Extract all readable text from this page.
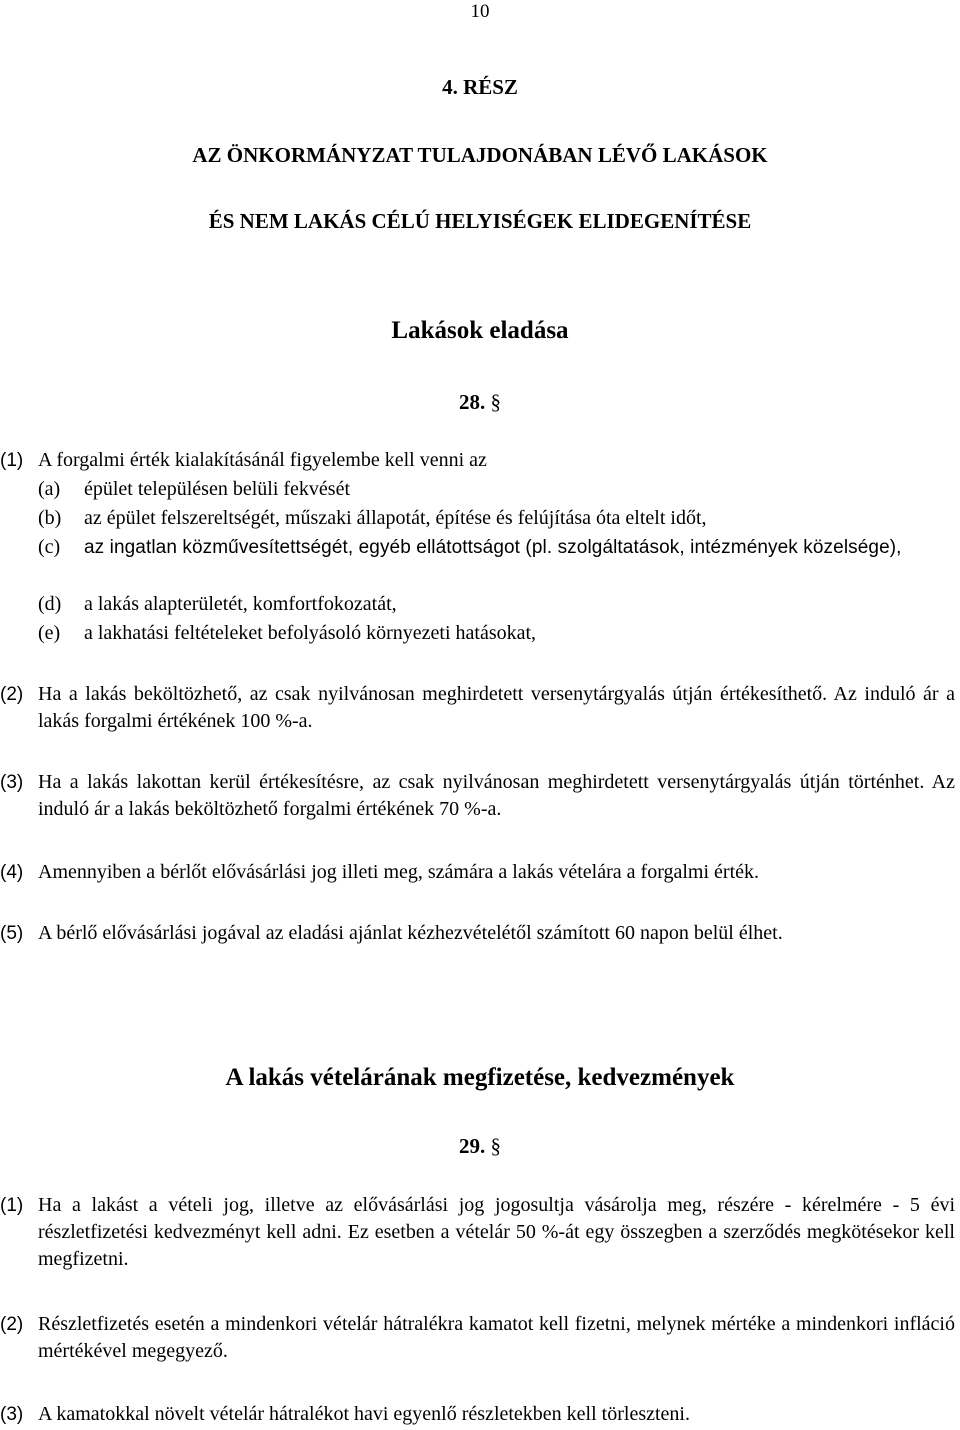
10
4. RÉSZ
AZ ÖNKORMÁNYZAT TULAJDONÁBAN LÉVŐ LAKÁSOK
ÉS NEM LAKÁS CÉLÚ HELYISÉGEK ELIDEGENÍTÉSE
Lakások eladása
28. §
(1) A forgalmi érték kialakításánál figyelembe kell venni az
(a)	épület településen belüli fekvését
(b)	az épület felszereltségét, műszaki állapotát, építése és felújítása óta eltelt időt,
(c)	az ingatlan közművesítettségét, egyéb ellátottságot (pl. szolgáltatások, intézmények közelsége),
(d)	a lakás alapterületét, komfortfokozatát,
(e)	a lakhatási feltételeket befolyásoló környezeti hatásokat,
(2) Ha a lakás beköltözhető, az csak nyilvánosan meghirdetett versenytárgyalás útján értékesíthető. Az induló ár a lakás forgalmi értékének 100 %-a.
(3) Ha a lakás lakottan kerül értékesítésre, az csak nyilvánosan meghirdetett versenytárgyalás útján történhet. Az induló ár a lakás beköltözhető forgalmi értékének 70 %-a.
(4) Amennyiben a bérlőt elővásárlási jog illeti meg, számára a lakás vételára a forgalmi érték.
(5) A bérlő elővásárlási jogával az eladási ajánlat kézhezvételétől számított 60 napon belül élhet.
A lakás vételárának megfizetése, kedvezmények
29. §
(1) Ha a lakást a vételi jog, illetve az elővásárlási jog jogosultja vásárolja meg, részére - kérelmére - 5 évi részletfizetési kedvezményt kell adni. Ez esetben a vételár 50 %-át egy összegben a szerződés megkötésekor kell megfizetni.
(2) Részletfizetés esetén a mindenkori vételár hátralékra kamatot kell fizetni, melynek mértéke a mindenkori infláció mértékével megegyező.
(3) A kamatokkal növelt vételár hátralékot havi egyenlő részletekben kell törleszteni.
